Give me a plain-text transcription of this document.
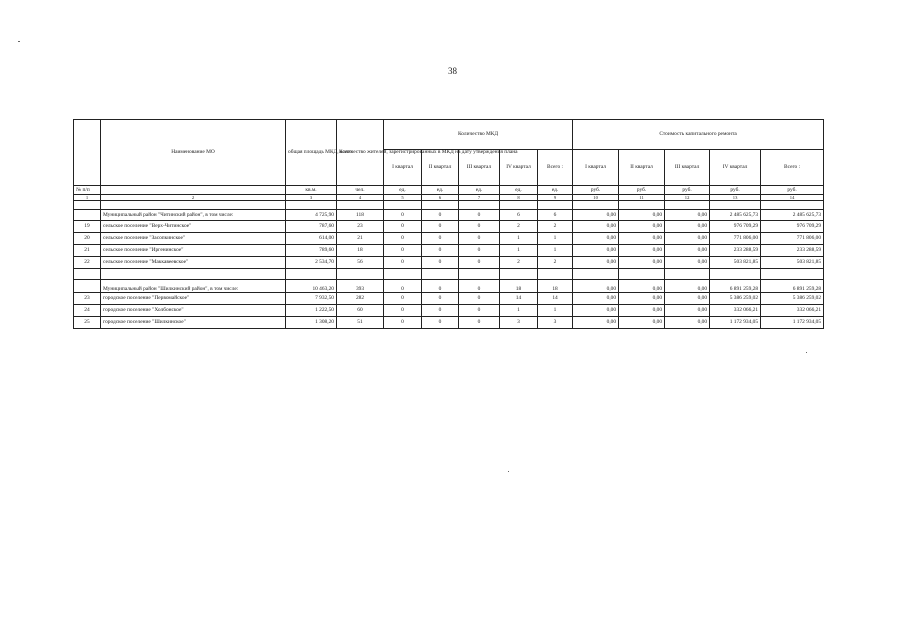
38
	Наименование МО	общая площадь МКД, всего	Количество жителей, зарегистрированных в МКД на дату утверждения плана	Количество МКД					Стоимость капитального ремонта				
				I квартал	II квартал	III квартал	IV квартал	Всего :	I квартал	II квартал	III квартал	IV квартал	Всего :
№ п/п		кв.м.	чел.	ед.	ед.	ед.	ед.	ед.	руб.	руб.	руб.	руб.	руб.
1	2	3	4	5	6	7	8	9	10	11	12	13	14

	Муниципальный район "Читинский район", в том числе:	4 725,90	118	0	0	0	6	6	0,00	0,00	0,00	2 485 625,73	2 485 625,73
19	сельское поселение "Верх-Читинское"	787,60	23	0	0	0	2	2	0,00	0,00	0,00	976 709,29	976 709,29
20	сельское поселение "Засопкинское"	614,00	21	0	0	0	1	1	0,00	0,00	0,00	771 806,00	771 806,00
21	сельское поселение "Иргенинское"	789,60	18	0	0	0	1	1	0,00	0,00	0,00	233 288,59	233 288,59
22	сельское поселение "Маккавеевское"	2 534,70	56	0	0	0	2	2	0,00	0,00	0,00	503 821,85	503 821,85

	Муниципальный район "Шилкинский район", в том числе:	10 463,20	393	0	0	0	18	18	0,00	0,00	0,00	6 891 259,28	6 891 259,28
23	городское поселение "Первомайское"	7 932,50	282	0	0	0	14	14	0,00	0,00	0,00	5 386 259,02	5 386 259,02
24	городское поселение "Холбонское"	1 222,50	60	0	0	0	1	1	0,00	0,00	0,00	332 066,21	332 066,21
25	городское поселение "Шилкинское"	1 308,20	51	0	0	0	3	3	0,00	0,00	0,00	1 172 934,05	1 172 934,05
